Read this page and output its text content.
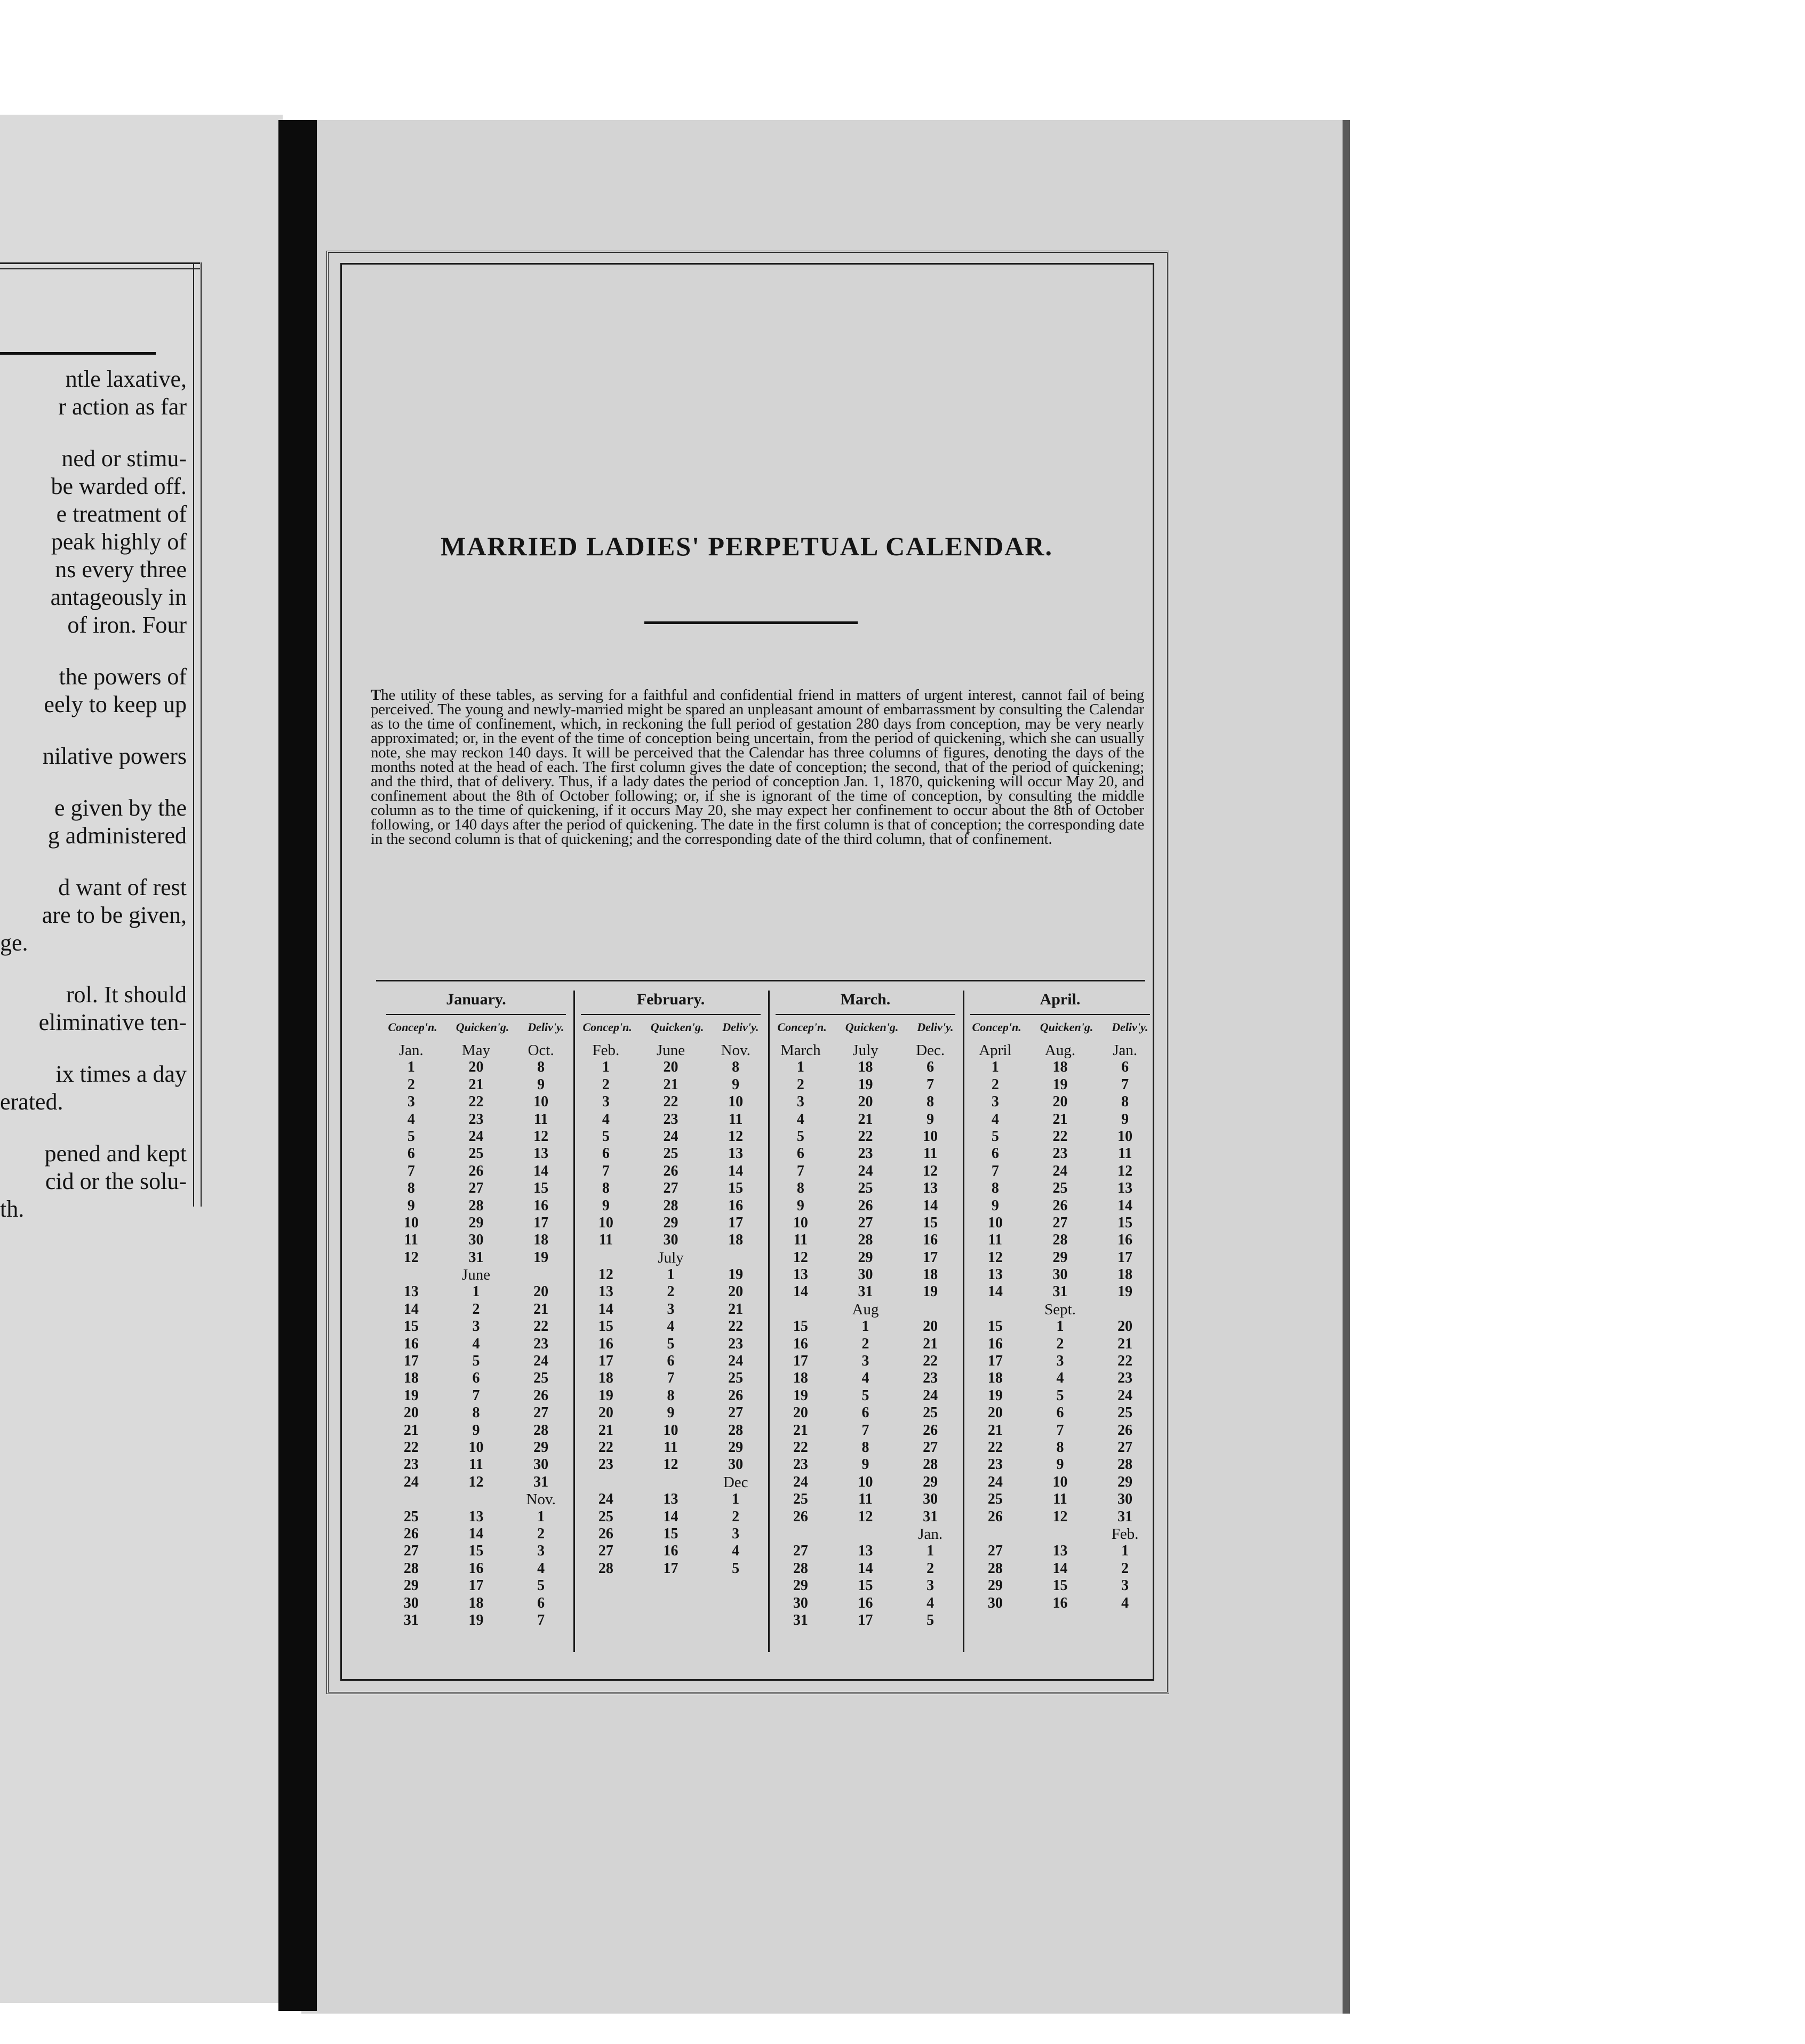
ntle laxative,
r action as far
ned or stimu-
be warded off.
e treatment of
peak highly of
ns every three
antageously in
of iron. Four
the powers of
eely to keep up
nilative powers
e given by the
g administered
d want of rest
are to be given,
ge.
rol. It should
eliminative ten-
ix times a day
erated.
pened and kept
cid or the solu-
th.
MARRIED LADIES' PERPETUAL CALENDAR.

The utility of these tables, as serving for a faithful and confidential friend in matters of urgent interest, cannot fail of being perceived. The young and newly-married might be spared an unpleasant amount of embarrassment by consulting the Calendar as to the time of confinement, which, in reckoning the full period of gestation 280 days from conception, may be very nearly approximated; or, in the event of the time of conception being uncertain, from the period of quickening, which she can usually note, she may reckon 140 days. It will be perceived that the Calendar has three columns of figures, denoting the days of the months noted at the head of each. The first column gives the date of conception; the second, that of the period of quickening; and the third, that of delivery. Thus, if a lady dates the period of conception Jan. 1, 1870, quickening will occur May 20, and confinement about the 8th of October following; or, if she is ignorant of the time of conception, by consulting the middle column as to the time of quickening, if it occurs May 20, she may expect her confinement to occur about the 8th of October following, or 140 days after the period of quickening. The date in the first column is that of conception; the corresponding date in the second column is that of quickening; and the corresponding date of the third column, that of confinement.

January.
Concep'n. Quicken'g. Deliv'y.
Jan.	May	Oct.
1	20	8
2	21	9
3	22	10
4	23	11
5	24	12
6	25	13
7	26	14
8	27	15
9	28	16
10	29	17
11	30	18
12	31	19
June
13	1	20
14	2	21
15	3	22
16	4	23
17	5	24
18	6	25
19	7	26
20	8	27
21	9	28
22	10	29
23	11	30
24	12	31
Nov.
25	13	1
26	14	2
27	15	3
28	16	4
29	17	5
30	18	6
31	19	7
February.
Concep'n. Quicken'g. Deliv'y.
Feb.	June	Nov.
1	20	8
2	21	9
3	22	10
4	23	11
5	24	12
6	25	13
7	26	14
8	27	15
9	28	16
10	29	17
11	30	18
July
12	1	19
13	2	20
14	3	21
15	4	22
16	5	23
17	6	24
18	7	25
19	8	26
20	9	27
21	10	28
22	11	29
23	12	30
Dec
24	13	1
25	14	2
26	15	3
27	16	4
28	17	5
March.
Concep'n. Quicken'g. Deliv'y.
March	July	Dec.
1	18	6
2	19	7
3	20	8
4	21	9
5	22	10
6	23	11
7	24	12
8	25	13
9	26	14
10	27	15
11	28	16
12	29	17
13	30	18
14	31	19
Aug
15	1	20
16	2	21
17	3	22
18	4	23
19	5	24
20	6	25
21	7	26
22	8	27
23	9	28
24	10	29
25	11	30
26	12	31
Jan.
27	13	1
28	14	2
29	15	3
30	16	4
31	17	5
April.
Concep'n. Quicken'g. Deliv'y.
April	Aug.	Jan.
1	18	6
2	19	7
3	20	8
4	21	9
5	22	10
6	23	11
7	24	12
8	25	13
9	26	14
10	27	15
11	28	16
12	29	17
13	30	18
14	31	19
Sept.
15	1	20
16	2	21
17	3	22
18	4	23
19	5	24
20	6	25
21	7	26
22	8	27
23	9	28
24	10	29
25	11	30
26	12	31
Feb.
27	13	1
28	14	2
29	15	3
30	16	4
